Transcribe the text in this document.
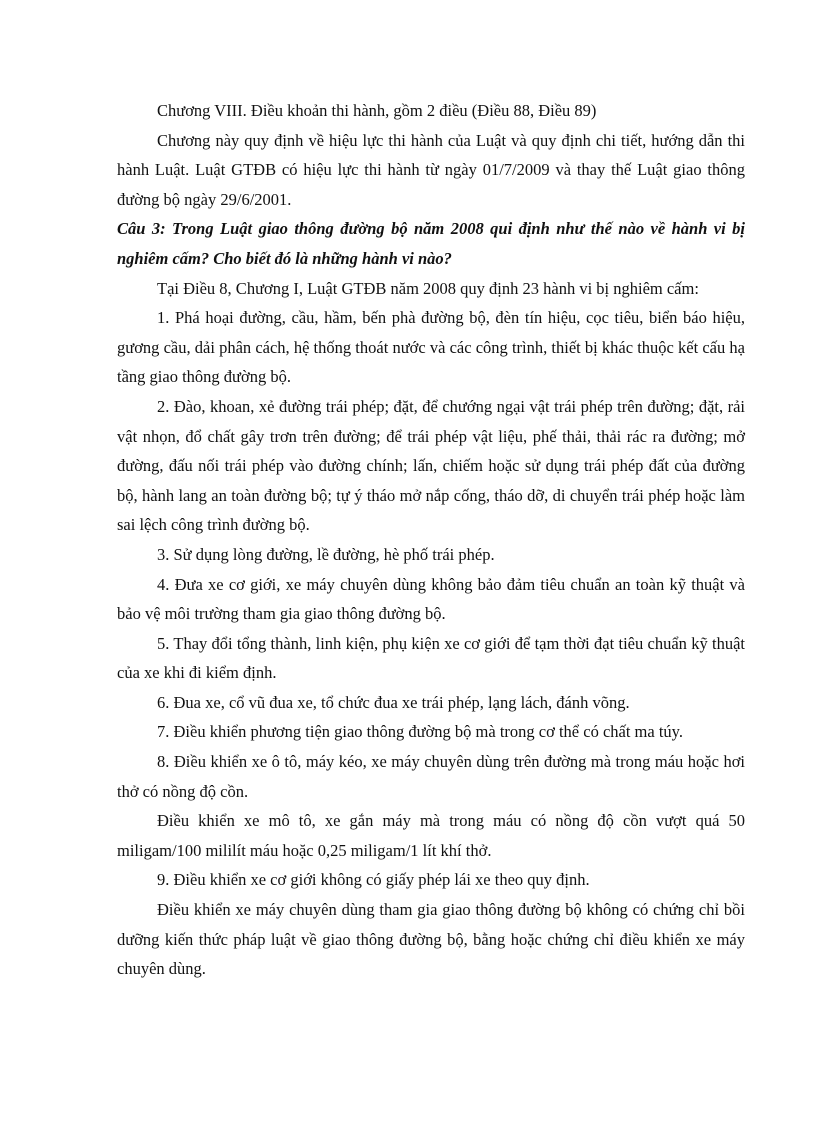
Chương VIII. Điều khoản thi hành, gồm 2 điều (Điều 88, Điều 89)

Chương này quy định về hiệu lực thi hành của Luật và quy định chi tiết, hướng dẫn thi hành Luật. Luật GTĐB có hiệu lực thi hành từ ngày 01/7/2009 và thay thế Luật giao thông đường bộ ngày 29/6/2001.

Câu 3: Trong Luật giao thông đường bộ năm 2008 qui định như thế nào về hành vi bị nghiêm cấm? Cho biết đó là những hành vi nào?

Tại Điều 8, Chương I, Luật GTĐB năm 2008 quy định 23 hành vi bị nghiêm cấm:

1. Phá hoại đường, cầu, hầm, bến phà đường bộ, đèn tín hiệu, cọc tiêu, biển báo hiệu, gương cầu, dải phân cách, hệ thống thoát nước và các công trình, thiết bị khác thuộc kết cấu hạ tầng giao thông đường bộ.

2. Đào, khoan, xẻ đường trái phép; đặt, để chướng ngại vật trái phép trên đường; đặt, rải vật nhọn, đổ chất gây trơn trên đường; để trái phép vật liệu, phế thải, thải rác ra đường; mở đường, đấu nối trái phép vào đường chính; lấn, chiếm hoặc sử dụng trái phép đất của đường bộ, hành lang an toàn đường bộ; tự ý tháo mở nắp cống, tháo dỡ, di chuyển trái phép hoặc làm sai lệch công trình đường bộ.

3. Sử dụng lòng đường, lề đường, hè phố trái phép.

4. Đưa xe cơ giới, xe máy chuyên dùng không bảo đảm tiêu chuẩn an toàn kỹ thuật và bảo vệ môi trường tham gia giao thông đường bộ.

5. Thay đổi tổng thành, linh kiện, phụ kiện xe cơ giới để tạm thời đạt tiêu chuẩn kỹ thuật của xe khi đi kiểm định.

6. Đua xe, cổ vũ đua xe, tổ chức đua xe trái phép, lạng lách, đánh võng.

7. Điều khiển phương tiện giao thông đường bộ mà trong cơ thể có chất ma túy.

8. Điều khiển xe ô tô, máy kéo, xe máy chuyên dùng trên đường mà trong máu hoặc hơi thở có nồng độ cồn.

Điều khiển xe mô tô, xe gắn máy mà trong máu có nồng độ cồn vượt quá 50 miligam/100 mililít máu hoặc 0,25 miligam/1 lít khí thở.

9. Điều khiển xe cơ giới không có giấy phép lái xe theo quy định.

Điều khiển xe máy chuyên dùng tham gia giao thông đường bộ không có chứng chỉ bồi dưỡng kiến thức pháp luật về giao thông đường bộ, bằng hoặc chứng chỉ điều khiển xe máy chuyên dùng.
